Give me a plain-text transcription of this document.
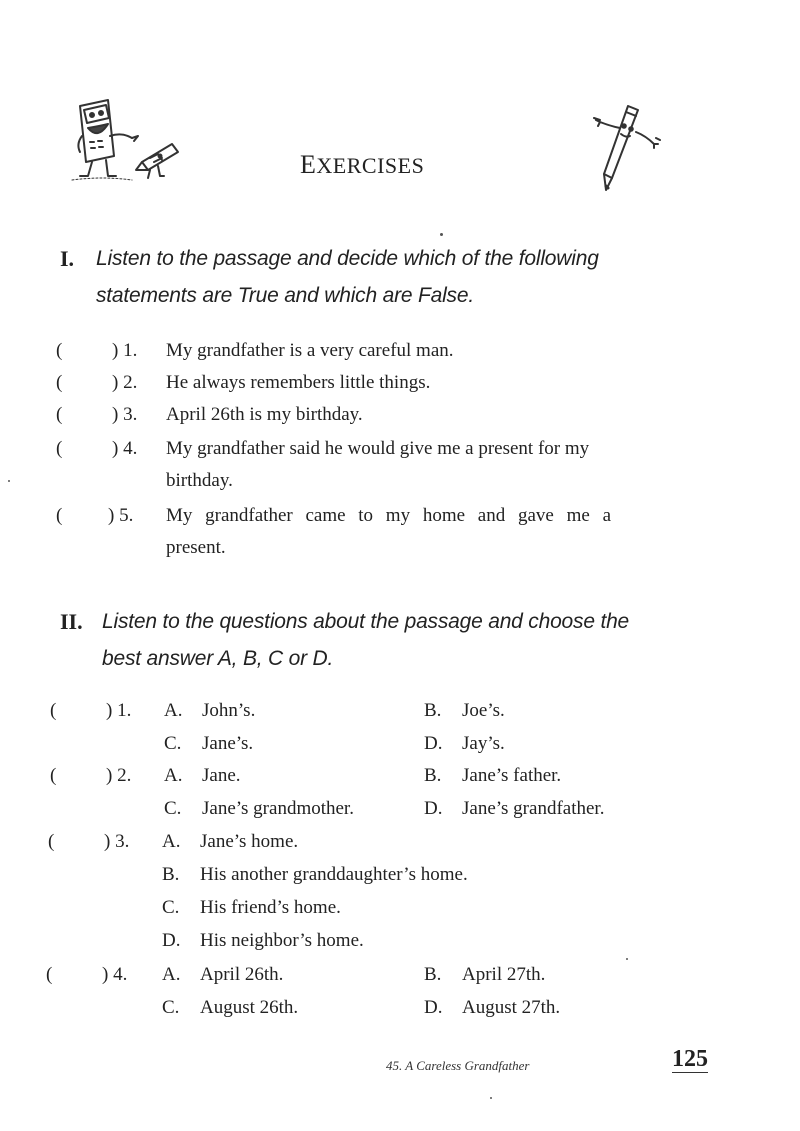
EXERCISES
I.	Listen to the passage and decide which of the following
statements are True and which are False.
(	) 1. My grandfather is a very careful man.
(	) 2. He always remembers little things.
(	) 3. April 26th is my birthday.
(	) 4. My grandfather said he would give me a present for my
birthday.
( ) 5. My grandfather came to my home and gave me a
present.
II. Listen to the questions about the passage and choose the
best answer A, B, C or D.
(	) 1. A. John’s.	B. Joe’s.
C. Jane’s.	D. Jay’s.
(	) 2. A. Jane.	B. Jane’s father.
C. Jane’s grandmother.	D. Jane’s grandfather.
(	) 3. A. Jane’s home.
B. His another granddaughter’s home.
C. His friend’s home.
D. His neighbor’s home.
(	) 4. A. April 26th.	B. April 27th.
C. August 26th.	D. August 27th.
45. A Careless Grandfather	125
